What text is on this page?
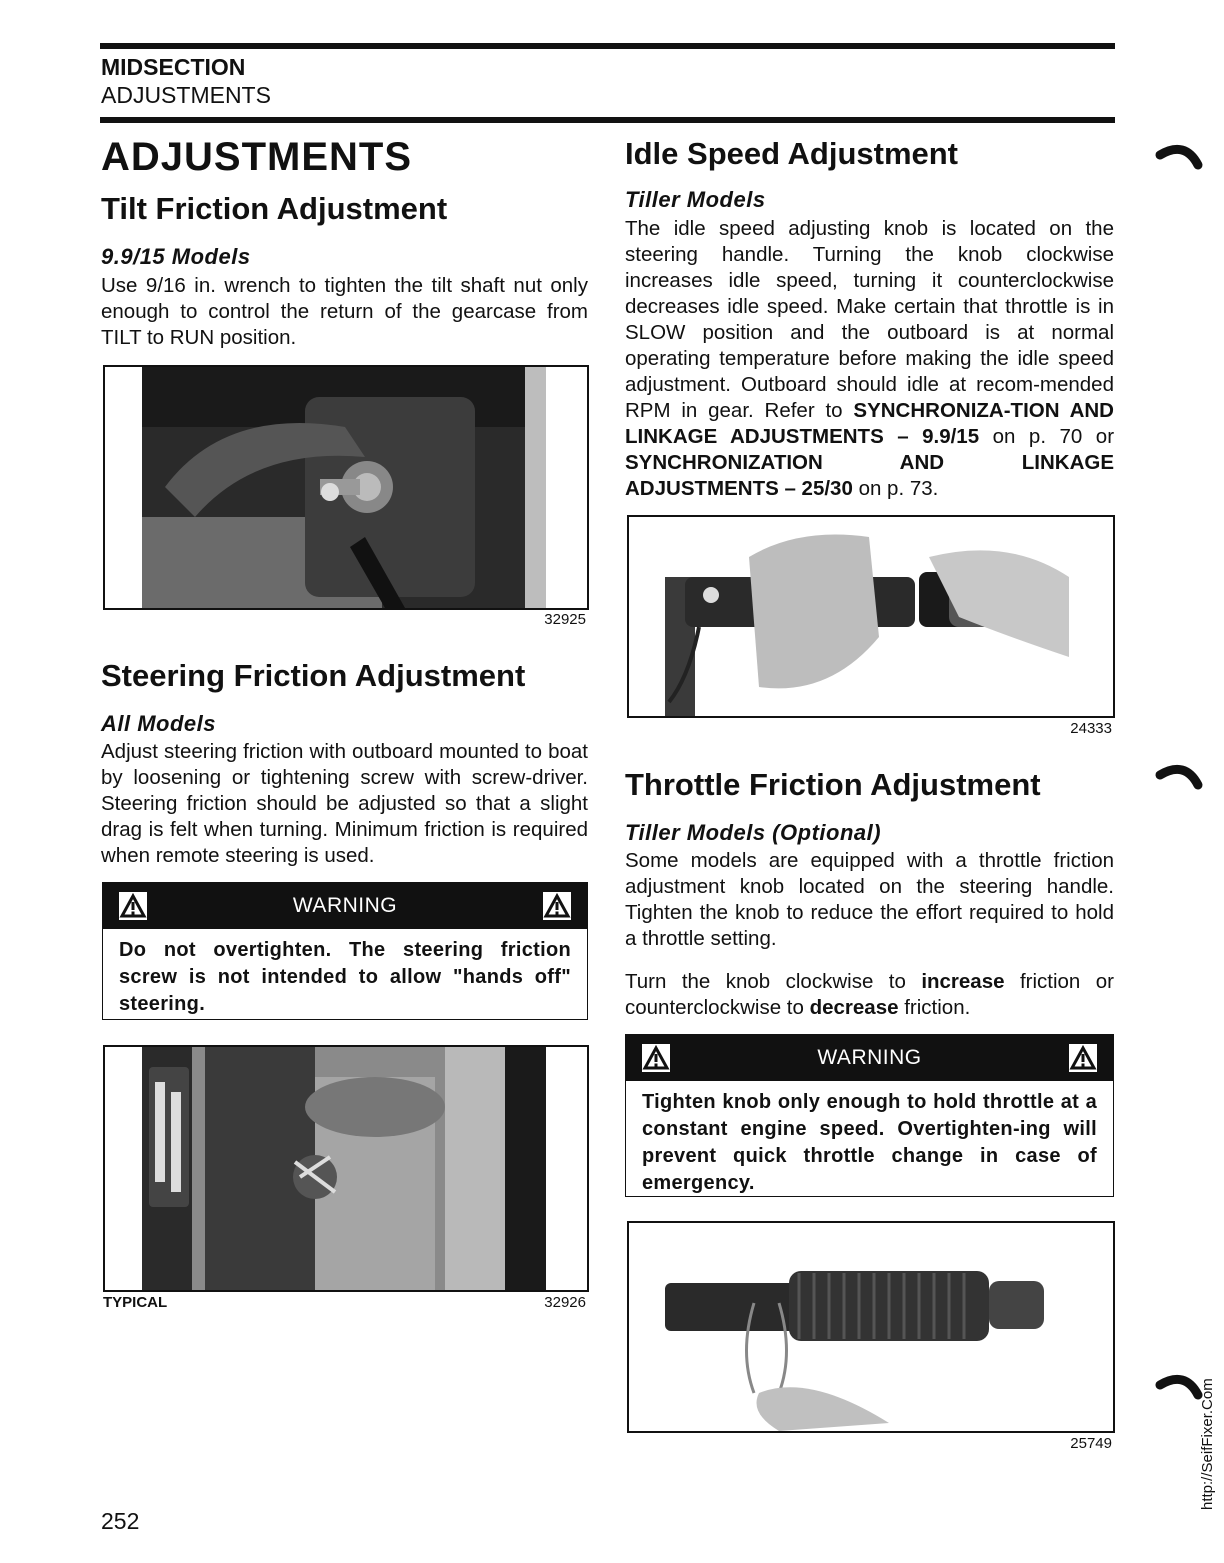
MIDSECTION
ADJUSTMENTS
ADJUSTMENTS
Tilt Friction Adjustment
9.9/15 Models
Use 9/16 in. wrench to tighten the tilt shaft nut only enough to control the return of the gearcase from TILT to RUN position.
32925
Steering Friction Adjustment
All Models
Adjust steering friction with outboard mounted to boat by loosening or tightening screw with screw-driver. Steering friction should be adjusted so that a slight drag is felt when turning. Minimum friction is required when remote steering is used.
WARNING
Do not overtighten. The steering friction screw is not intended to allow "hands off" steering.
TYPICAL	32926
252
Idle Speed Adjustment
Tiller Models
The idle speed adjusting knob is located on the steering handle. Turning the knob clockwise increases idle speed, turning it counterclockwise decreases idle speed. Make certain that throttle is in SLOW position and the outboard is at normal operating temperature before making the idle speed adjustment. Outboard should idle at recom-mended RPM in gear. Refer to SYNCHRONIZA-TION AND LINKAGE ADJUSTMENTS – 9.9/15 on p. 70 or SYNCHRONIZATION AND LINKAGE ADJUSTMENTS – 25/30 on p. 73.
24333
Throttle Friction Adjustment
Tiller Models (Optional)
Some models are equipped with a throttle friction adjustment knob located on the steering handle. Tighten the knob to reduce the effort required to hold a throttle setting.
Turn the knob clockwise to increase friction or counterclockwise to decrease friction.
WARNING
Tighten knob only enough to hold throttle at a constant engine speed. Overtighten-ing will prevent quick throttle change in case of emergency.
25749	http://SeifFixer.Com
